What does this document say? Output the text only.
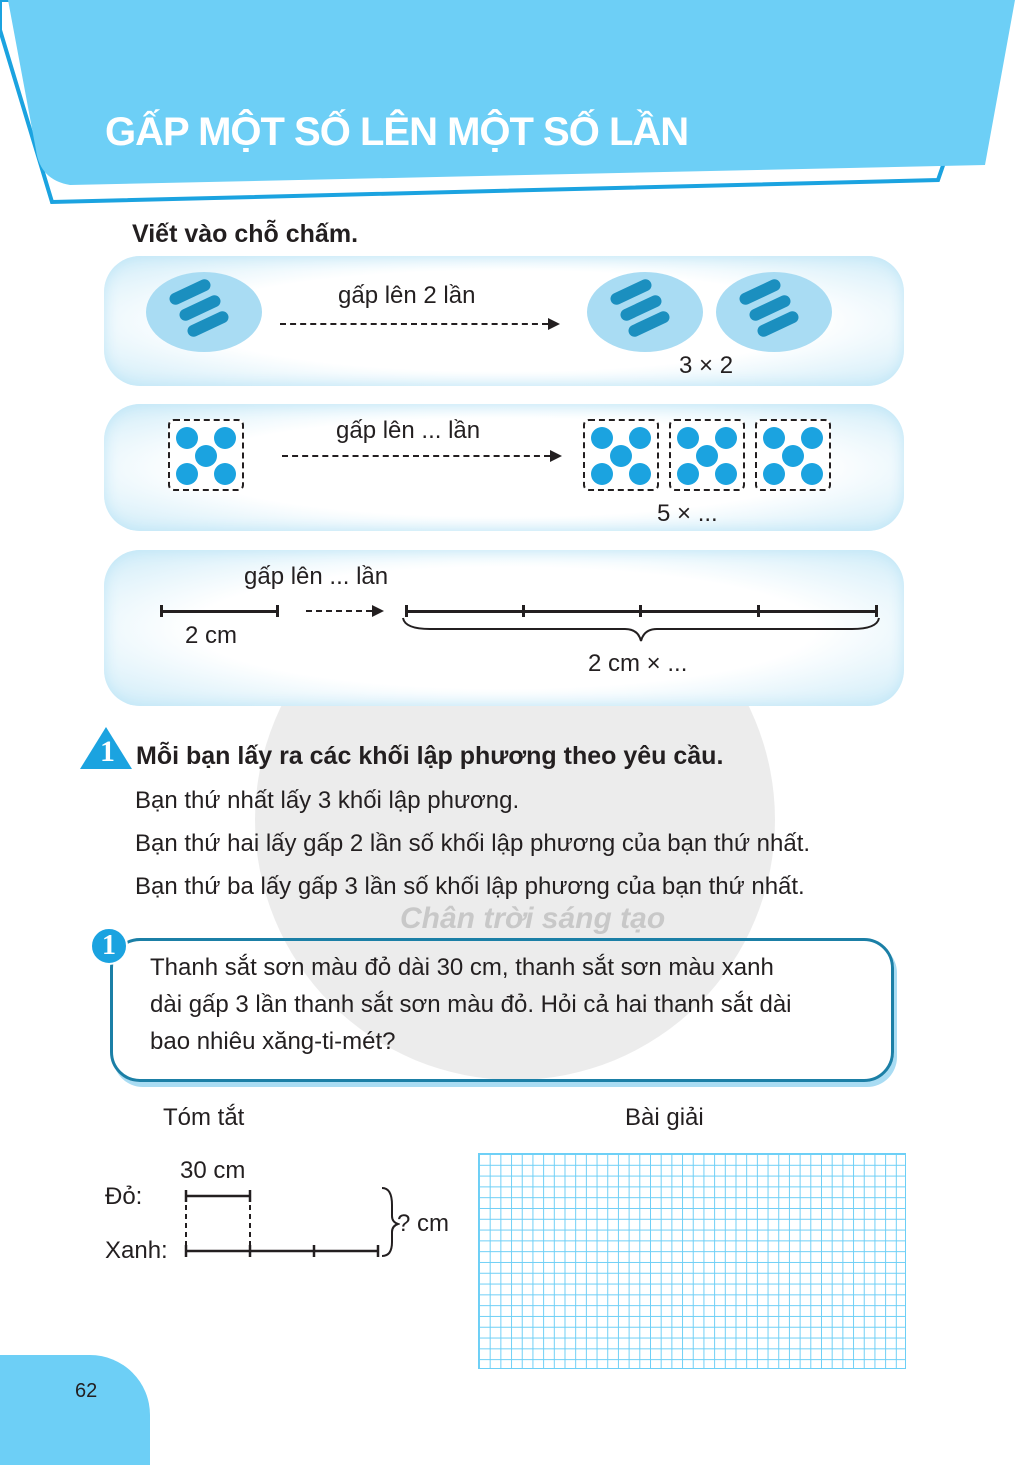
GẤP MỘT SỐ LÊN MỘT SỐ LẦN
Viết vào chỗ chấm.
Chân trời sáng tạo
gấp lên 2 lần
3 × 2
gấp lên ... lần
5 × ...
gấp lên ... lần
2 cm
2 cm × ...
1 Mỗi bạn lấy ra các khối lập phương theo yêu cầu.
Bạn thứ nhất lấy 3 khối lập phương.
Bạn thứ hai lấy gấp 2 lần số khối lập phương của bạn thứ nhất.
Bạn thứ ba lấy gấp 3 lần số khối lập phương của bạn thứ nhất.
1
Thanh sắt sơn màu đỏ dài 30 cm, thanh sắt sơn màu xanh
dài gấp 3 lần thanh sắt sơn màu đỏ. Hỏi cả hai thanh sắt dài
bao nhiêu xăng-ti-mét?
Tóm tắt	Bài giải
30 cm
Đỏ:
Xanh:
? cm
62
